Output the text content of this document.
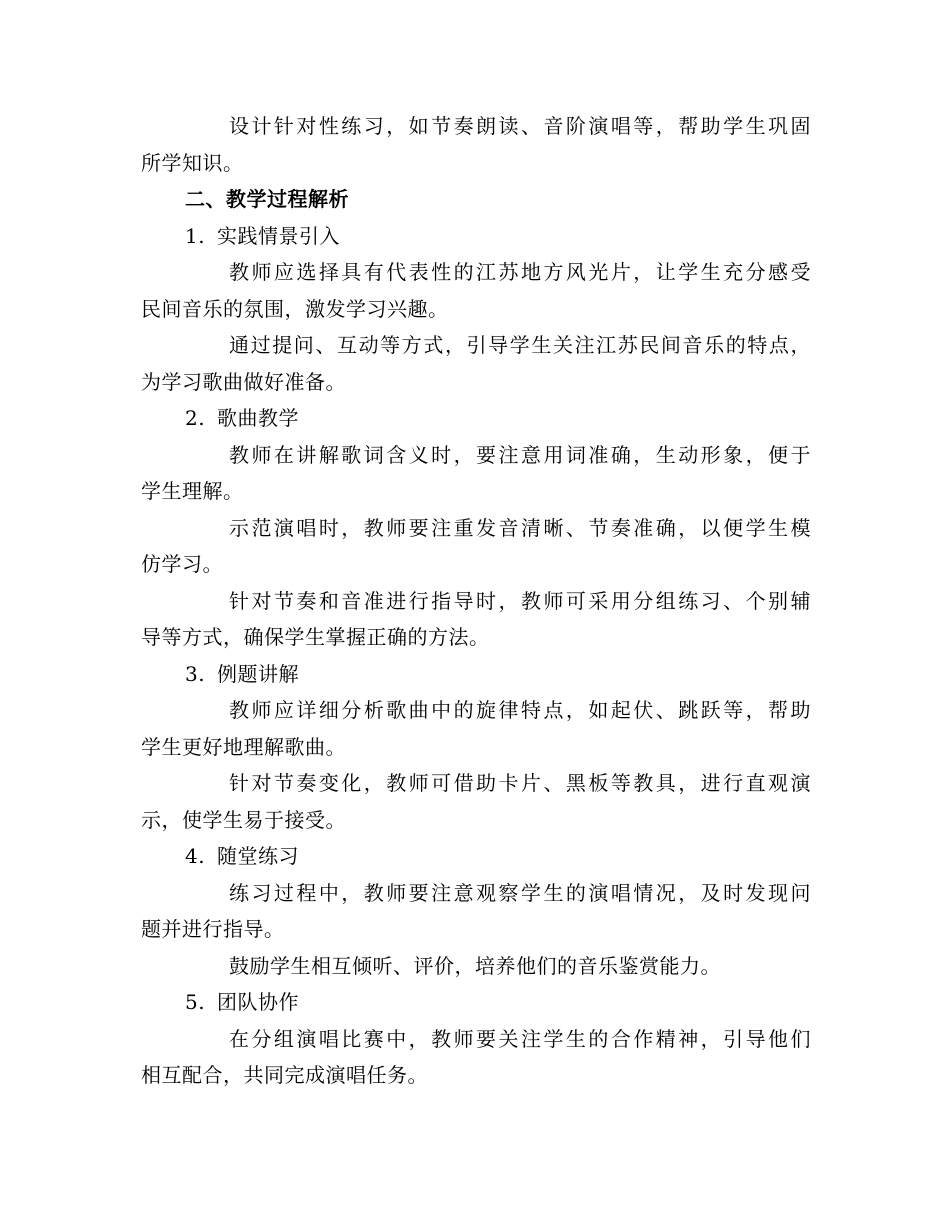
设计针对性练习，如节奏朗读、音阶演唱等，帮助学生巩固
所学知识。
二、教学过程解析
1. 实践情景引入
教师应选择具有代表性的江苏地方风光片，让学生充分感受
民间音乐的氛围，激发学习兴趣。
通过提问、互动等方式，引导学生关注江苏民间音乐的特点，
为学习歌曲做好准备。
2. 歌曲教学
教师在讲解歌词含义时，要注意用词准确，生动形象，便于
学生理解。
示范演唱时，教师要注重发音清晰、节奏准确，以便学生模
仿学习。
针对节奏和音准进行指导时，教师可采用分组练习、个别辅
导等方式，确保学生掌握正确的方法。
3. 例题讲解
教师应详细分析歌曲中的旋律特点，如起伏、跳跃等，帮助
学生更好地理解歌曲。
针对节奏变化，教师可借助卡片、黑板等教具，进行直观演
示，使学生易于接受。
4. 随堂练习
练习过程中，教师要注意观察学生的演唱情况，及时发现问
题并进行指导。
鼓励学生相互倾听、评价，培养他们的音乐鉴赏能力。
5. 团队协作
在分组演唱比赛中，教师要关注学生的合作精神，引导他们
相互配合，共同完成演唱任务。
